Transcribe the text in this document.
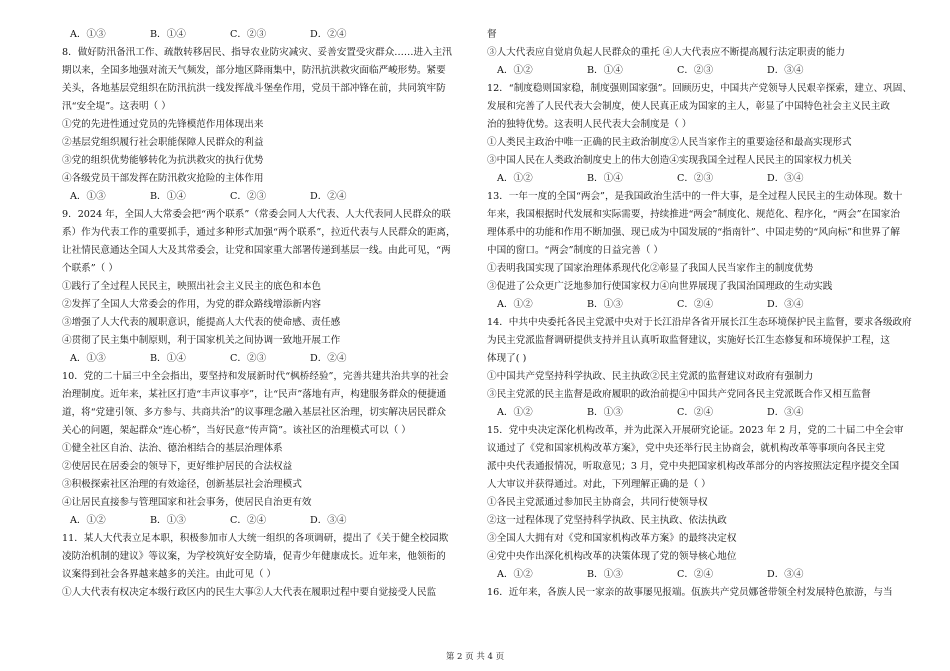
8．做好防汛备汛工作、疏散转移居民、指导农业防灾减灾、妥善安置受灾群众……进入主汛
期以来，全国多地强对流天气频发，部分地区降雨集中，防汛抗洪救灾面临严峻形势。紧要
关头，各地基层党组织在防汛抗洪一线发挥战斗堡垒作用，党员干部冲锋在前，共同筑牢防
汛“安全堤”。这表明（ ）
①党的先进性通过党员的先锋模范作用体现出来
②基层党组织履行社会职能保障人民群众的利益
③党的组织优势能够转化为抗洪救灾的执行优势
④各级党员干部发挥在防汛救灾抢险的主体作用
9．2024 年，全国人大常委会把“两个联系”（常委会同人大代表、人大代表同人民群众的联
系）作为代表工作的重要抓手，通过多种形式加强“两个联系”，拉近代表与人民群众的距离，
让社情民意通达全国人大及其常委会，让党和国家重大部署传递到基层一线。由此可见，“两
个联系”（ ）
①践行了全过程人民民主，映照出社会主义民主的底色和本色
②发挥了全国人大常委会的作用，为党的群众路线增添新内容
③增强了人大代表的履职意识，能提高人大代表的使命感、责任感
④贯彻了民主集中制原则，利于国家机关之间协调一致地开展工作
10．党的二十届三中全会指出，要坚持和发展新时代“枫桥经验”，完善共建共治共享的社会
治理制度。近年来，某社区打造“丰声议事亭”，让“民声”落地有声，构建服务群众的便捷通
道，将“党建引领、多方参与、共商共治”的议事理念融入基层社区治理，切实解决居民群众
关心的问题，架起群众“连心桥”，当好民意“传声筒”。该社区的治理模式可以（ ）
①健全社区自治、法治、德治相结合的基层治理体系
②使居民在居委会的领导下，更好维护居民的合法权益
③积极探索社区治理的有效途径，创新基层社会治理模式
④让居民直接参与管理国家和社会事务，使居民自治更有效
11．某人大代表立足本职，积极参加市人大统一组织的各项调研，提出了《关于健全校园欺
凌防治机制的建议》等议案，为学校筑好安全防墙，促青少年健康成长。近年来，他领衔的
议案得到社会各界越来越多的关注。由此可见（ ）
①人大代表有权决定本级行政区内的民生大事②人大代表在履职过程中要自觉接受人民监
A．①③	B．①④	C．②③	D．②④
A．①③	B．①④	C．②③	D．②④
A．①③	B．①④	C．②③	D．②④
A．①②	B．①③	C．②④	D．③④
督
③人大代表应自觉肩负起人民群众的重托 ④人大代表应不断提高履行法定职责的能力
12．“制度稳则国家稳，制度强则国家强”。回顾历史，中国共产党领导人民艰辛探索，建立、巩固、
发展和完善了人民代表大会制度，使人民真正成为国家的主人，彰显了中国特色社会主义民主政
治的独特优势。这表明人民代表大会制度是（ ）
①人类民主政治中唯一正确的民主政治制度②人民当家作主的重要途径和最高实现形式
③中国人民在人类政治制度史上的伟大创造④实现我国全过程人民民主的国家权力机关
13．一年一度的全国“两会”，是我国政治生活中的一件大事，是全过程人民民主的生动体现。数十
年来，我国根据时代发展和实际需要，持续推进“两会”制度化、规范化、程序化，“两会”在国家治
理体系中的功能和作用不断加强、现已成为中国发展的“指南针”、中国走势的“风向标”和世界了解
中国的窗口。“两会”制度的日益完善（ ）
①表明我国实现了国家治理体系现代化②彰显了我国人民当家作主的制度优势
③促进了公众更广泛地参加行使国家权力④向世界展现了我国治国理政的生动实践
14．中共中央委托各民主党派中央对于长江沿岸各省开展长江生态环境保护民主监督，要求各级政府
为民主党派监督调研提供支持并且认真听取监督建议，实施好长江生态修复和环境保护工程，这
体现了( )
①中国共产党坚持科学执政、民主执政②民主党派的监督建议对政府有强制力
③民主党派的民主监督是政府履职的政治前提④中国共产党同各民主党派既合作又相互监督
15．党中央决定深化机构改革，并为此深入开展研究论证。2023 年 2 月，党的二十届二中全会审
议通过了《党和国家机构改革方案》，党中央还举行民主协商会，就机构改革等事项向各民主党
派中央代表通报情况，听取意见；3 月，党中央把国家机构改革部分的内容按照法定程序提交全国
人大审议并获得通过。对此，下列理解正确的是（ ）
①各民主党派通过参加民主协商会，共同行使领导权
②这一过程体现了党坚持科学执政、民主执政、依法执政
③全国人大拥有对《党和国家机构改革方案》的最终决定权
④党中央作出深化机构改革的决策体现了党的领导核心地位
16．近年来，各族人民一家亲的故事屡见报端。佤族共产党员娜爸带领全村发展特色旅游，与当
A．①②	B．①④	C．②③	D．③④
A．①②	B．①④	C．②③	D．③④
A．①②	B．①③	C．②④	D．③④
A．①②	B．①③	C．②④	D．③④
A．①②	B．①③	C．②④	D．③④
第 2 页 共 4 页
